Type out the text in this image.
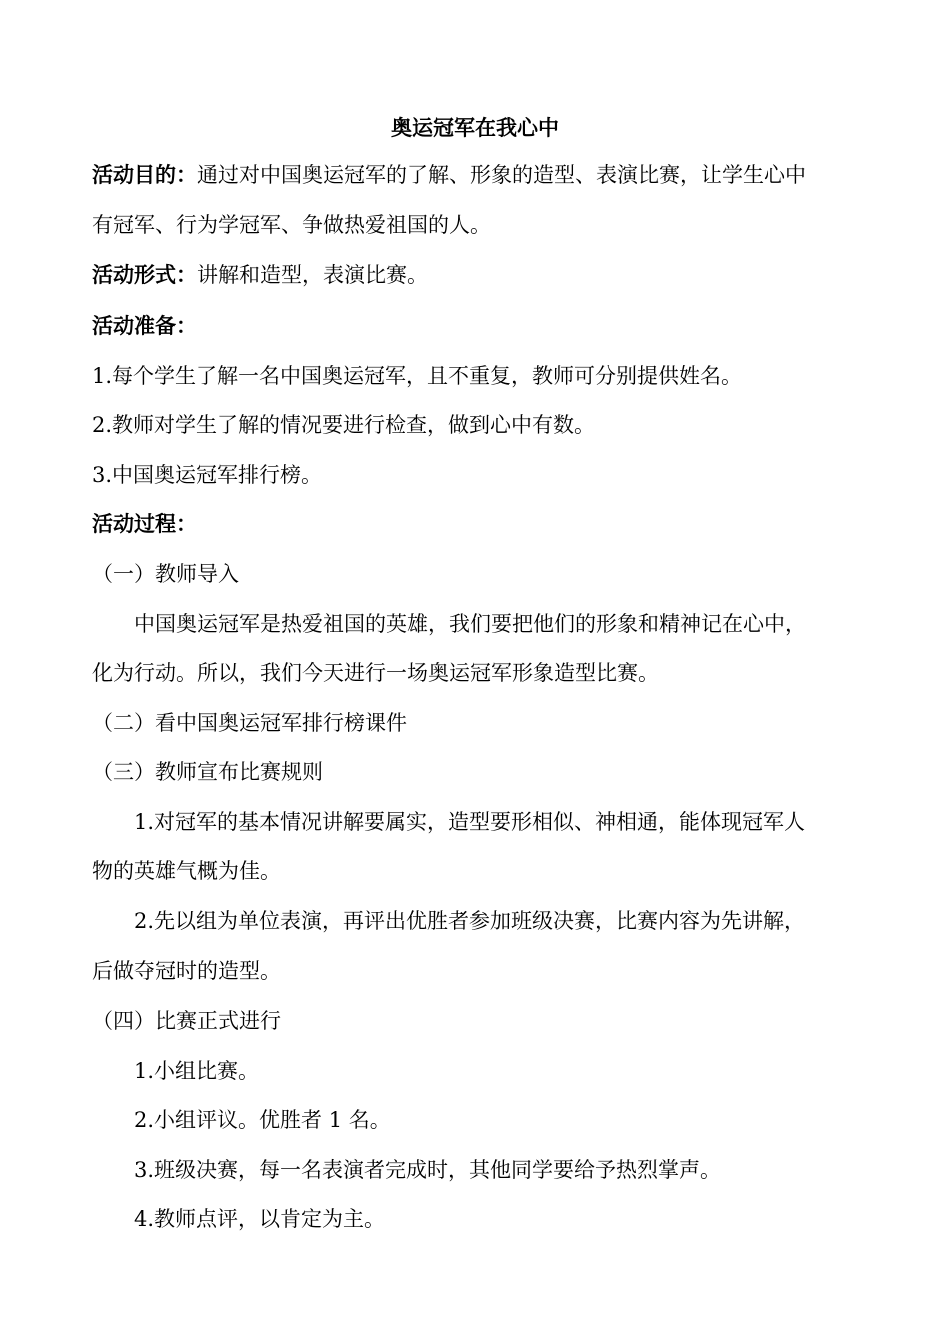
奥运冠军在我心中
活动目的：通过对中国奥运冠军的了解、形象的造型、表演比赛，让学生心中
有冠军、行为学冠军、争做热爱祖国的人。
活动形式：讲解和造型，表演比赛。
活动准备：
1.每个学生了解一名中国奥运冠军，且不重复，教师可分别提供姓名。
2.教师对学生了解的情况要进行检查，做到心中有数。
3.中国奥运冠军排行榜。
活动过程：
（一）教师导入
中国奥运冠军是热爱祖国的英雄，我们要把他们的形象和精神记在心中，
化为行动。所以，我们今天进行一场奥运冠军形象造型比赛。
（二）看中国奥运冠军排行榜课件
（三）教师宣布比赛规则
1.对冠军的基本情况讲解要属实，造型要形相似、神相通，能体现冠军人
物的英雄气概为佳。
2.先以组为单位表演，再评出优胜者参加班级决赛，比赛内容为先讲解，
后做夺冠时的造型。
（四）比赛正式进行
1.小组比赛。
2.小组评议。优胜者 1 名。
3.班级决赛，每一名表演者完成时，其他同学要给予热烈掌声。
4.教师点评，以肯定为主。
